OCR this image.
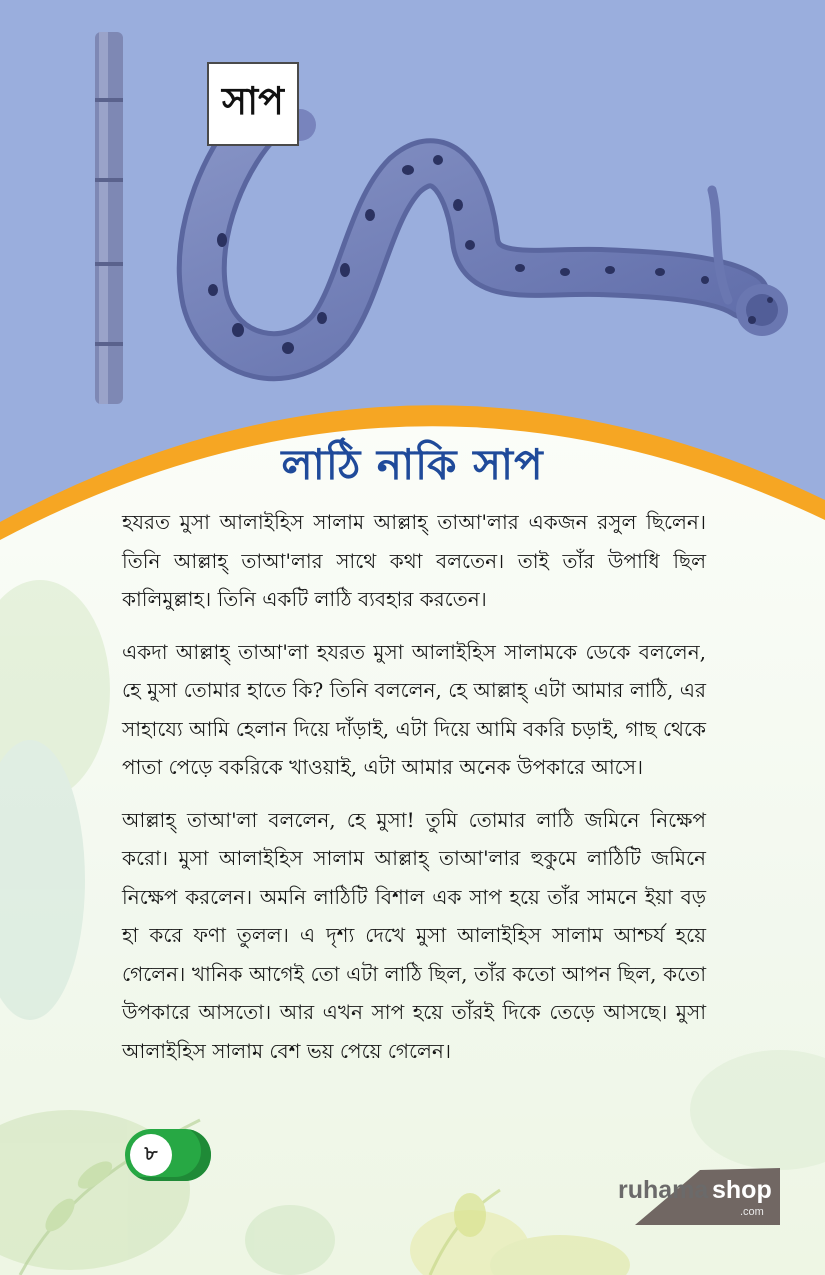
সাপ
লাঠি নাকি সাপ

হযরত মুসা আলাইহিস সালাম আল্লাহ্ তাআ'লার একজন রসুল ছিলেন। তিনি আল্লাহ্ তাআ'লার সাথে কথা বলতেন। তাই তাঁর উপাধি ছিল কালিমুল্লাহ। তিনি একটি লাঠি ব্যবহার করতেন।

একদা আল্লাহ্ তাআ'লা হযরত মুসা আলাইহিস সালামকে ডেকে বললেন, হে মুসা তোমার হাতে কি? তিনি বললেন, হে আল্লাহ্ এটা আমার লাঠি, এর সাহায্যে আমি হেলান দিয়ে দাঁড়াই, এটা দিয়ে আমি বকরি চড়াই, গাছ থেকে পাতা পেড়ে বকরিকে খাওয়াই, এটা আমার অনেক উপকারে আসে।

আল্লাহ্ তাআ'লা বললেন, হে মুসা! তুমি তোমার লাঠি জমিনে নিক্ষেপ করো। মুসা আলাইহিস সালাম আল্লাহ্ তাআ'লার হুকুমে লাঠিটি জমিনে নিক্ষেপ করলেন। অমনি লাঠিটি বিশাল এক সাপ হয়ে তাঁর সামনে ইয়া বড় হা করে ফণা তুলল। এ দৃশ্য দেখে মুসা আলাইহিস সালাম আশ্চর্য হয়ে গেলেন। খানিক আগেই তো এটা লাঠি ছিল, তাঁর কতো আপন ছিল, কতো উপকারে আসতো। আর এখন সাপ হয়ে তাঁরই দিকে তেড়ে আসছে। মুসা আলাইহিস সালাম বেশ ভয় পেয়ে গেলেন।

৮
ruhama shop
.com
